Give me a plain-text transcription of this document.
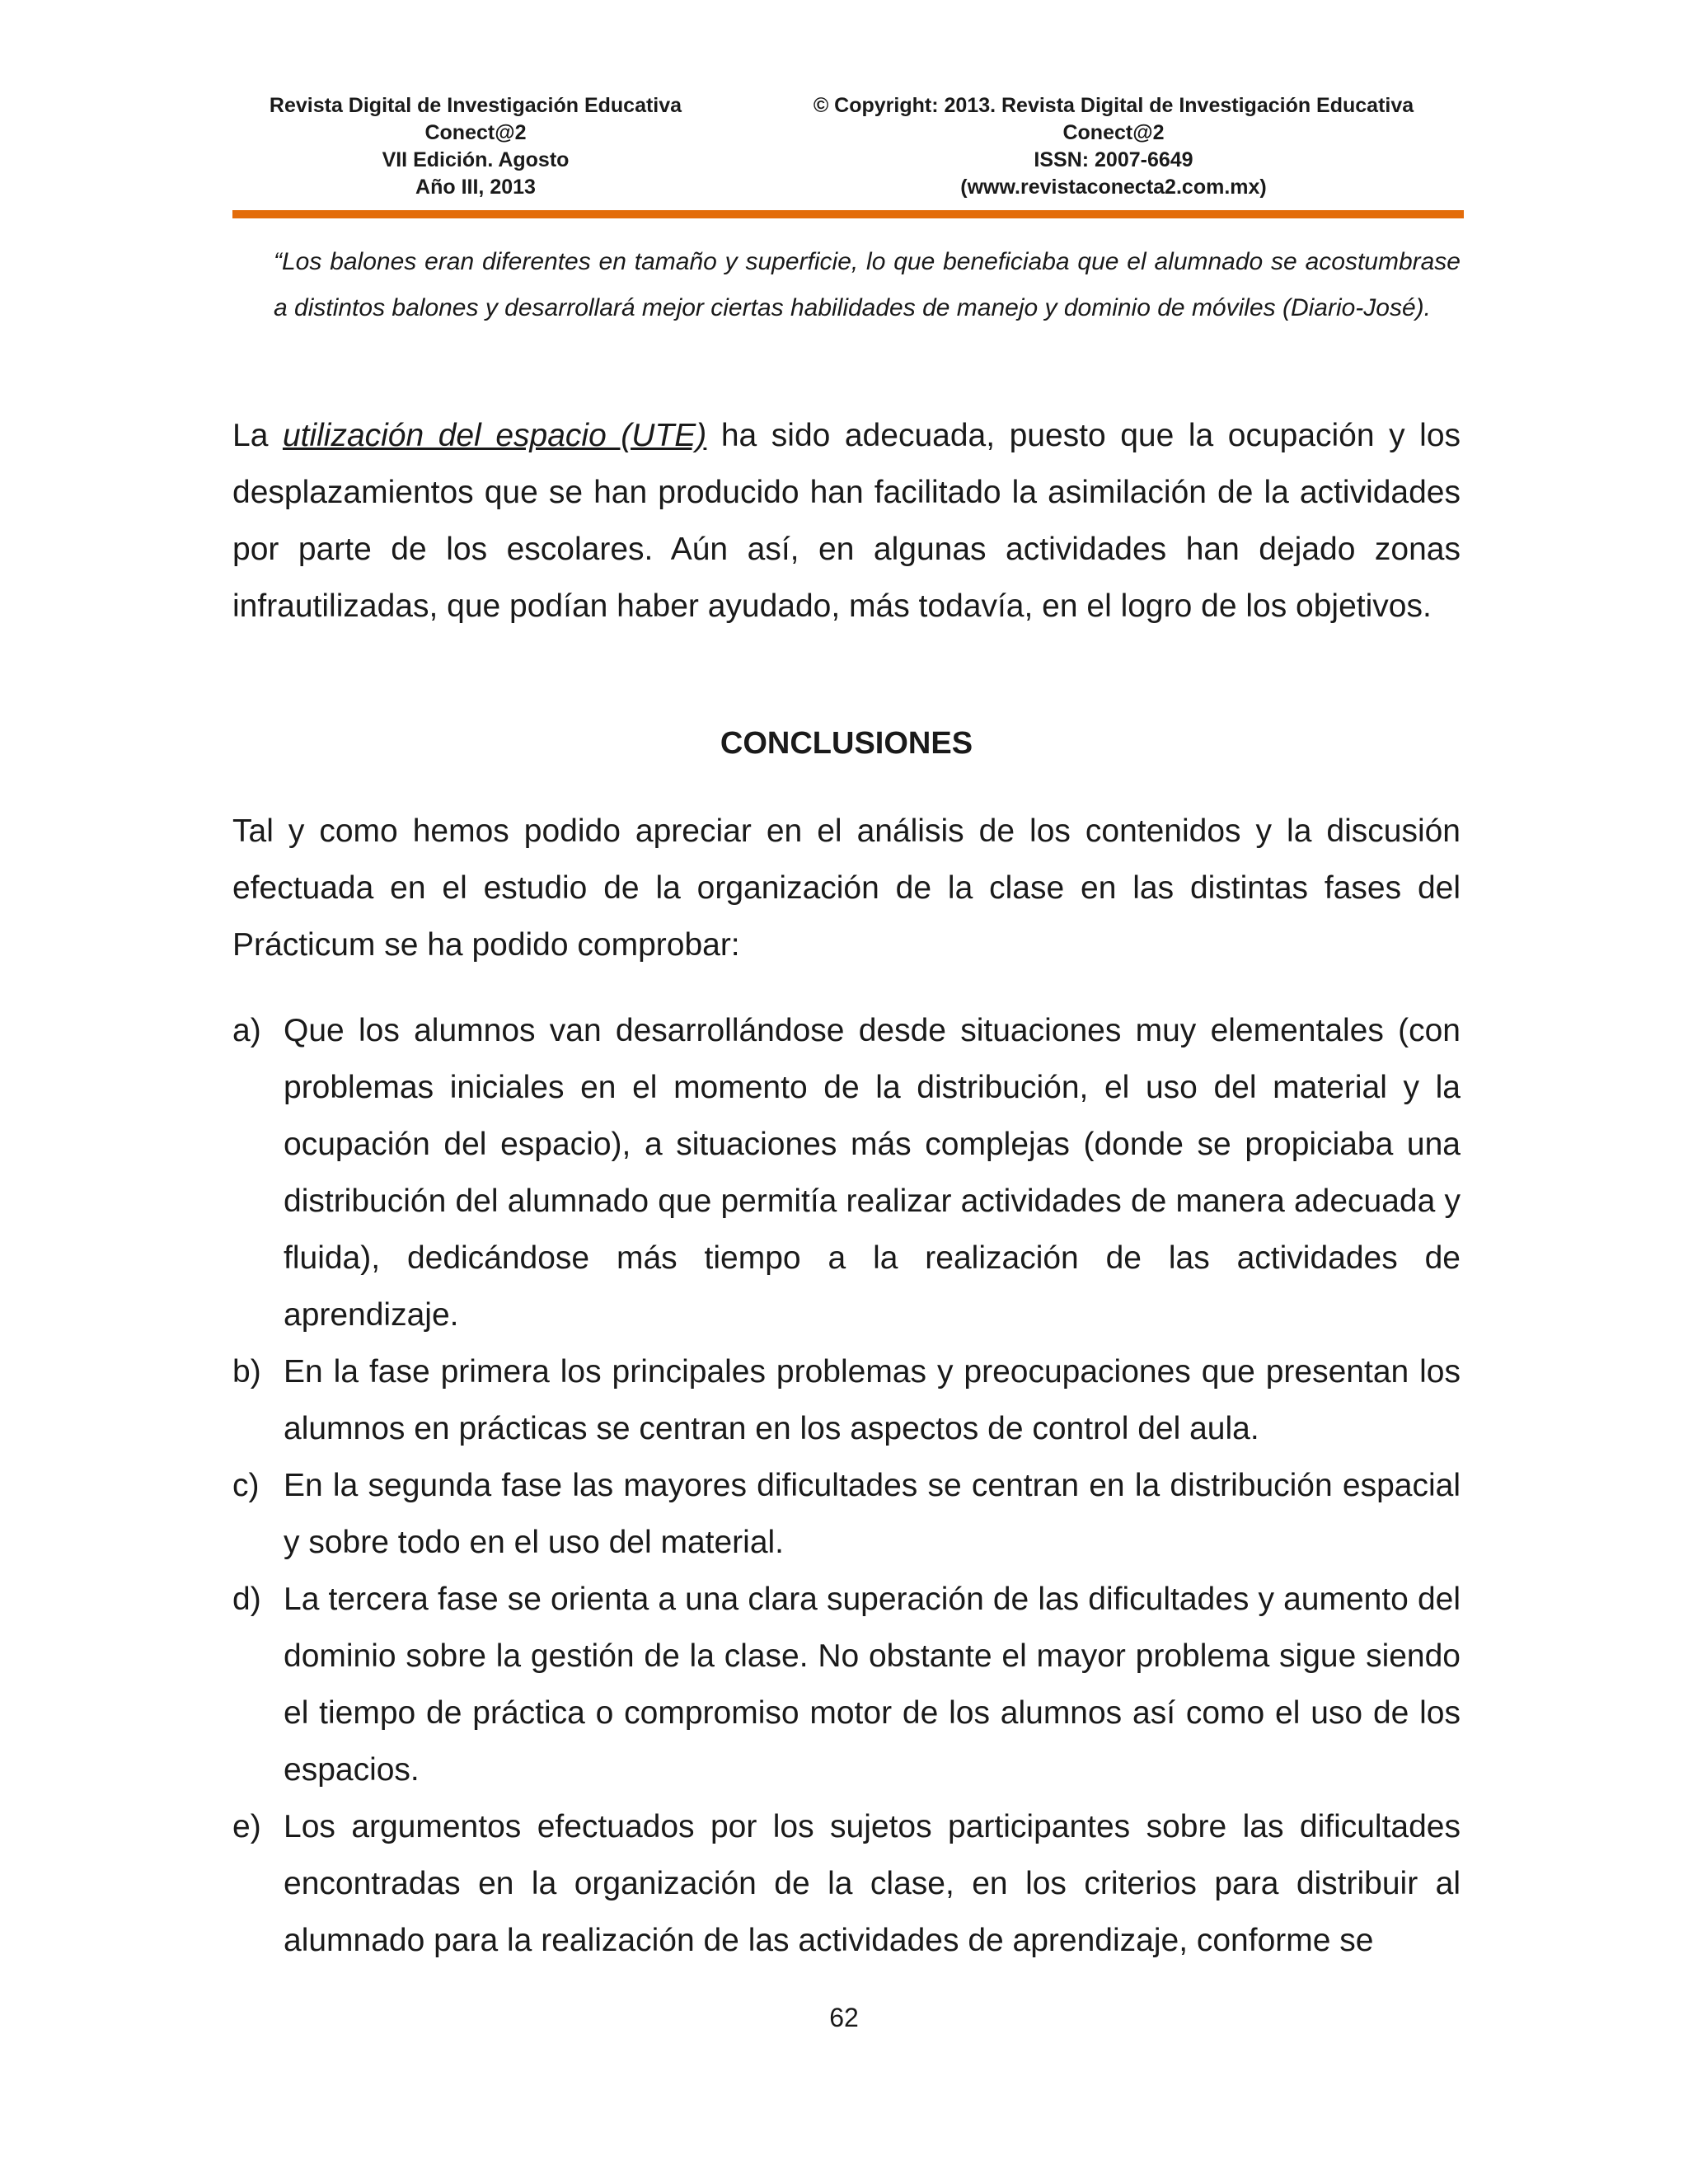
Revista Digital de Investigación Educativa
Conect@2
VII Edición. Agosto
Año III, 2013
© Copyright: 2013. Revista Digital de Investigación Educativa
Conect@2
ISSN: 2007-6649
(www.revistaconecta2.com.mx)
“Los balones eran diferentes en tamaño y superficie, lo que beneficiaba que el alumnado se acostumbrase a distintos balones y desarrollará mejor ciertas habilidades de manejo y dominio de móviles (Diario-José).
La utilización del espacio (UTE) ha sido adecuada, puesto que la ocupación y los desplazamientos que se han producido han facilitado la asimilación de la actividades por parte de los escolares. Aún así, en algunas actividades han dejado zonas infrautilizadas, que podían haber ayudado, más todavía, en el logro de los objetivos.
CONCLUSIONES
Tal y como hemos podido apreciar en el análisis de los contenidos y la discusión efectuada en el estudio de la organización de la clase en las distintas fases del Prácticum se ha podido comprobar:
a) Que los alumnos van desarrollándose desde situaciones muy elementales (con problemas iniciales en el momento de la distribución, el uso del material y la ocupación del espacio), a situaciones más complejas (donde se propiciaba una distribución del alumnado que permitía realizar actividades de manera adecuada y fluida), dedicándose más tiempo a la realización de las actividades de aprendizaje.
b) En la fase primera los principales problemas y preocupaciones que presentan los alumnos en prácticas se centran en los aspectos de control del aula.
c) En la segunda fase las mayores dificultades se centran en la distribución espacial y sobre todo en el uso del material.
d) La tercera fase se orienta a una clara superación de las dificultades y aumento del dominio sobre la gestión de la clase. No obstante el mayor problema sigue siendo el tiempo de práctica o compromiso motor de los alumnos así como el uso de los espacios.
e) Los argumentos efectuados por los sujetos participantes sobre las dificultades encontradas en la organización de la clase, en los criterios para distribuir al alumnado para la realización de las actividades de aprendizaje, conforme se
62
